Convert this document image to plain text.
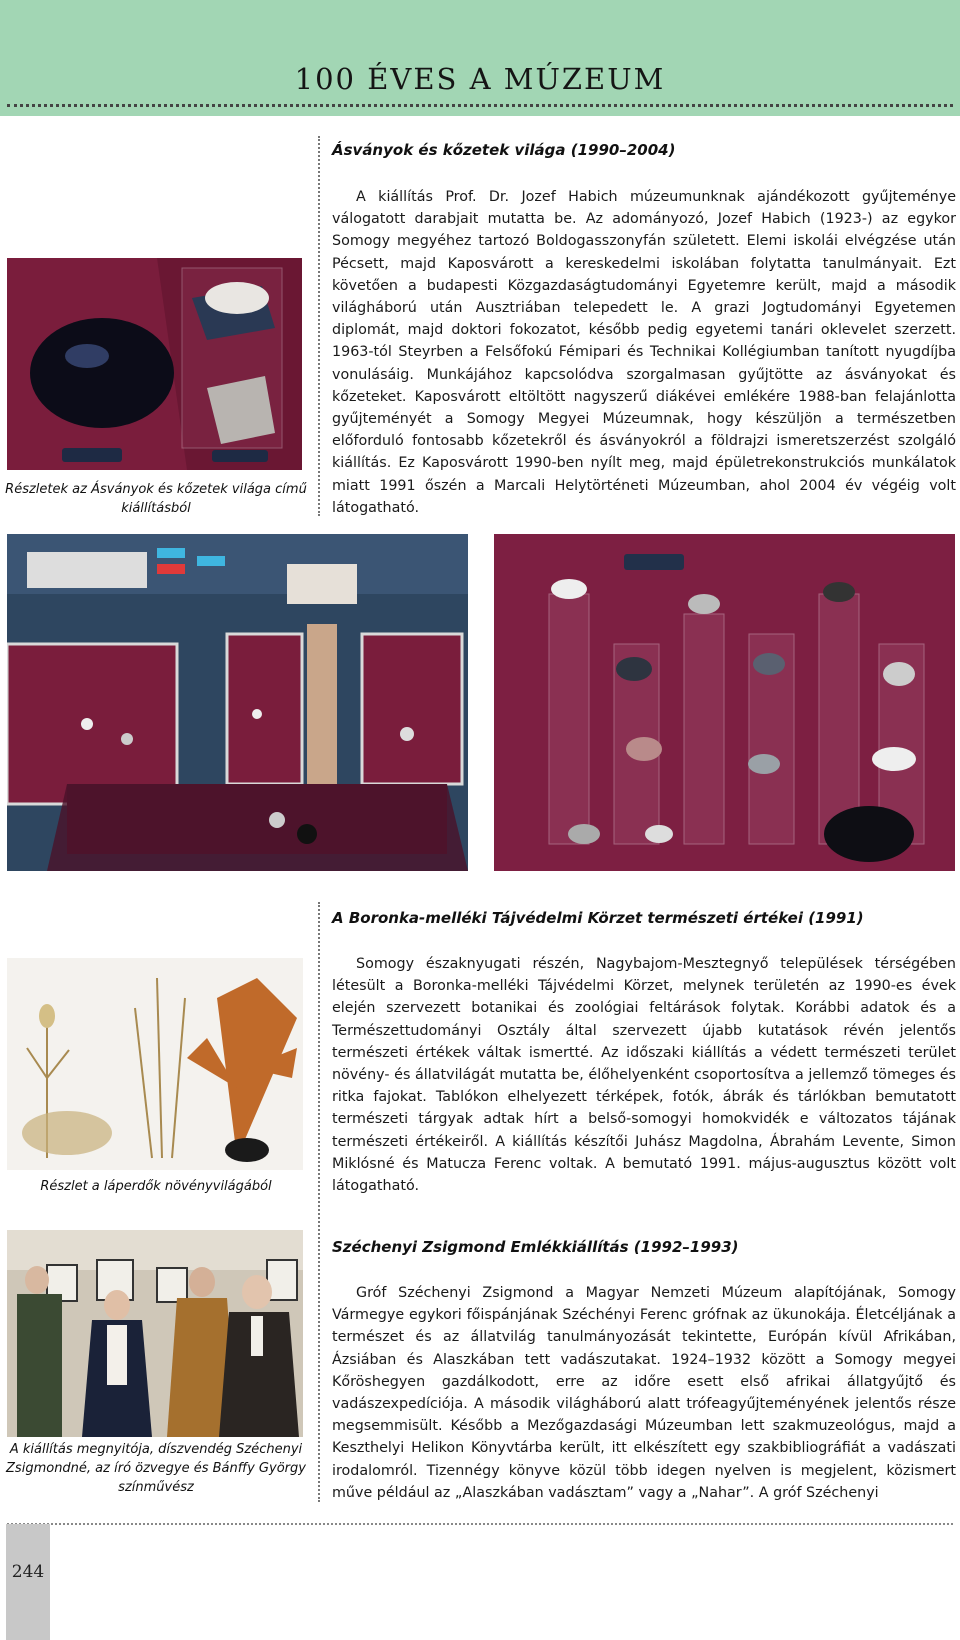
100 ÉVES A MÚZEUM
Ásványok és kőzetek világa (1990–2004)

A kiállítás Prof. Dr. Jozef Habich múzeumunknak ajándékozott gyűjteménye válogatott darabjait mutatta be. Az adományozó, Jozef Habich (1923-) az egykor Somogy megyéhez tartozó Boldogasszonyfán született. Elemi iskolái elvégzése után Pécsett, majd Kaposvárott a kereskedelmi iskolában folytatta tanulmányait. Ezt követően a budapesti Közgazdaságtudományi Egyetemre került, majd a második világháború után Ausztriában telepedett le. A grazi Jogtudományi Egyetemen diplomát, majd doktori fokozatot, később pedig egyetemi tanári oklevelet szerzett. 1963-tól Steyrben a Felsőfokú Fémipari és Technikai Kollégiumban tanított nyugdíjba vonulásáig. Munkájához kapcsolódva szorgalmasan gyűjtötte az ásványokat és kőzeteket. Kaposvárott eltöltött nagyszerű diákévei emlékére 1988-ban felajánlotta gyűjteményét a Somogy Megyei Múzeumnak, hogy készüljön a természetben előforduló fontosabb kőzetekről és ásványokról a földrajzi ismeretszerzést szolgáló kiállítás. Ez Kaposvárott 1990-ben nyílt meg, majd épületrekonstrukciós munkálatok miatt 1991 őszén a Marcali Helytörténeti Múzeumban, ahol 2004 év végéig volt látogatható.

Részletek az Ásványok és kőzetek világa című kiállításból
A Boronka-melléki Tájvédelmi Körzet természeti értékei (1991)

Somogy északnyugati részén, Nagybajom-Mesztegnyő települések térségében létesült a Boronka-melléki Tájvédelmi Körzet, melynek területén az 1990-es évek elején szervezett botanikai és zoológiai feltárások folytak. Korábbi adatok és a Természettudományi Osztály által szervezett újabb kutatások révén jelentős természeti értékek váltak ismertté. Az időszaki kiállítás a védett természeti terület növény- és állatvilágát mutatta be, élőhelyenként csoportosítva a jellemző tömeges és ritka fajokat. Tablókon elhelyezett térképek, fotók, ábrák és tárlókban bemutatott természeti tárgyak adtak hírt a belső-somogyi homokvidék e változatos tájának természeti értékeiről. A kiállítás készítői Juhász Magdolna, Ábrahám Levente, Simon Miklósné és Matucza Ferenc voltak. A bemutató 1991. május-augusztus között volt látogatható.

Részlet a láperdők növényvilágából
Széchenyi Zsigmond Emlékkiállítás (1992–1993)

Gróf Széchenyi Zsigmond a Magyar Nemzeti Múzeum alapítójának, Somogy Vármegye egykori főispánjának Széchényi Ferenc grófnak az ükunokája. Életcéljának a természet és az állatvilág tanulmányozását tekintette, Európán kívül Afrikában, Ázsiában és Alaszkában tett vadászutakat. 1924–1932 között a Somogy megyei Kőröshegyen gazdálkodott, erre az időre esett első afrikai állatgyűjtő és vadászexpedíciója. A második világháború alatt trófeagyűjteményének jelentős része megsemmisült. Később a Mezőgazdasági Múzeumban lett szakmuzeológus, majd a Keszthelyi Helikon Könyvtárba került, itt elkészített egy szakbibliográfiát a vadászati irodalomról. Tizennégy könyve közül több idegen nyelven is megjelent, közismert műve például az „Alaszkában vadásztam” vagy a „Nahar”. A gróf Széchenyi

A kiállítás megnyitója, díszvendég Széchenyi Zsigmondné, az író özvegye és Bánffy György színművész
244
